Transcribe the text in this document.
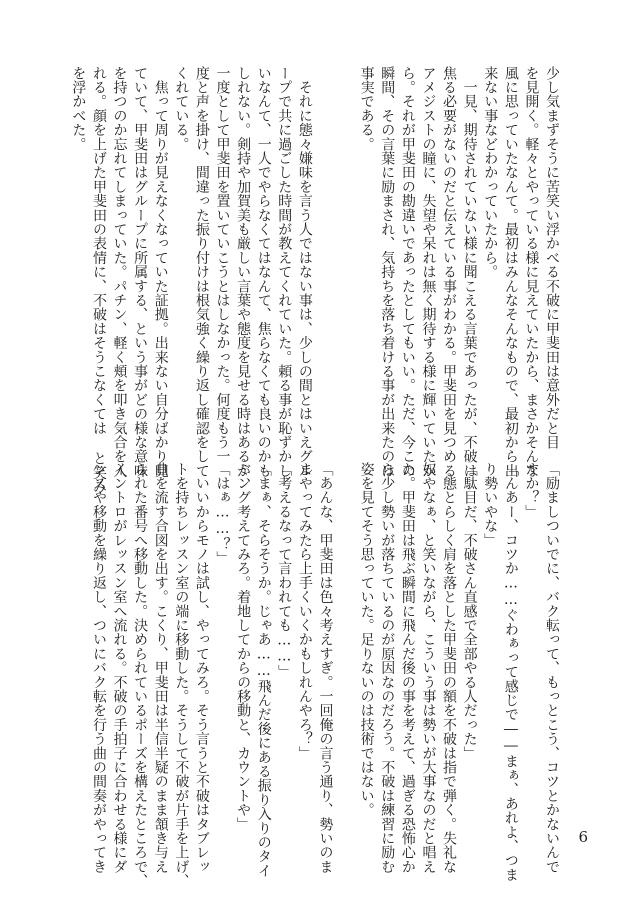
少し気まずそうに苦笑い浮かべる不破に甲斐田は意外だと目

を見開く。軽々とやっている様に見えていたから、まさかそんな

風に思っていたなんて。最初はみんなそんなもので、最初から出

来ない事などわかっていたから。

　一見、期待されていない様に聞こえる言葉であったが、不破は

焦る必要がないのだと伝えている事がわかる。甲斐田を見つめる

アメジストの瞳に、失望や呆れは無く期待する様に輝いていたか

ら。それが甲斐田の勘違いであったとしてもいい。ただ、今この

瞬間、その言葉に励まされ、気持ちを落ち着ける事が出来たのは

事実である。

　それに態々嫌味を言う人ではない事は、少しの間とはいえグル

ープで共に過ごした時間が教えてくれていた。頼る事が恥ずかし

いなんて、一人でやらなくてはなんて、焦らなくても良いのかも

しれない。剣持や加賀美も厳しい言葉や態度を見せる時はあるが、

一度として甲斐田を置いていこうとはしなかった。何度もう一

度と声を掛け、間違った振り付けは根気強く繰り返し確認をして

くれている。

　焦って周りが見えなくなっていた証拠。出来ない自分ばかり見

ていて、甲斐田はグループに所属する、という事がどの様な意味

を持つのか忘れてしまっていた。パチン、軽く頬を叩き気合を入

れる。顔を上げた甲斐田の表情に、不破はそうこなくては と笑み

を浮かべた。

「励ましついでに、バク転って、もっとこう、コツとかないんで

すか？」

「んあー、コツか……ぐわぁって感じで――まぁ、あれよ、つま

り勢いやな」

「駄目だ、不破さん直感で全部やる人だった」

　態とらしく肩を落とした甲斐田の額を不破は指で弾く。失礼な

奴やなぁ、と笑いながら、こういう事は勢いが大事なのだと唱え

た。甲斐田は飛ぶ瞬間に飛んだ後の事を考えて、過ぎる恐怖心か

ら少し勢いが落ちているのが原因なのだろう。不破は練習に励む

姿を見てそう思っていた。足りないのは技術ではない。

「あんな、甲斐田は色々考えすぎ。一回俺の言う通り、勢いのま

まやってみたら上手くいくかもしれんやろ？」

「考えるなって言われても……」

「まぁ、そらそうか。じゃあ……飛んだ後にある振り入りのタイ

ミング考えてみろ。着地してからの移動と、カウントや」

「はぁ……？」

　いいからモノは試し、やってみろ。そう言うと不破はタブレッ

トを持ちレッスン室の端に移動した。そうして不破が片手を上げ、

曲を流す合図を出す。こくり、甲斐田は半信半疑のまま頷き与え

られた番号へ移動した。決められているポーズを構えたところで、

イントロがレッスン室へ流れる。不破の手拍子に合わせる様にダ

ンスや移動を繰り返し、ついにバク転を行う曲の間奏がやってき	6
